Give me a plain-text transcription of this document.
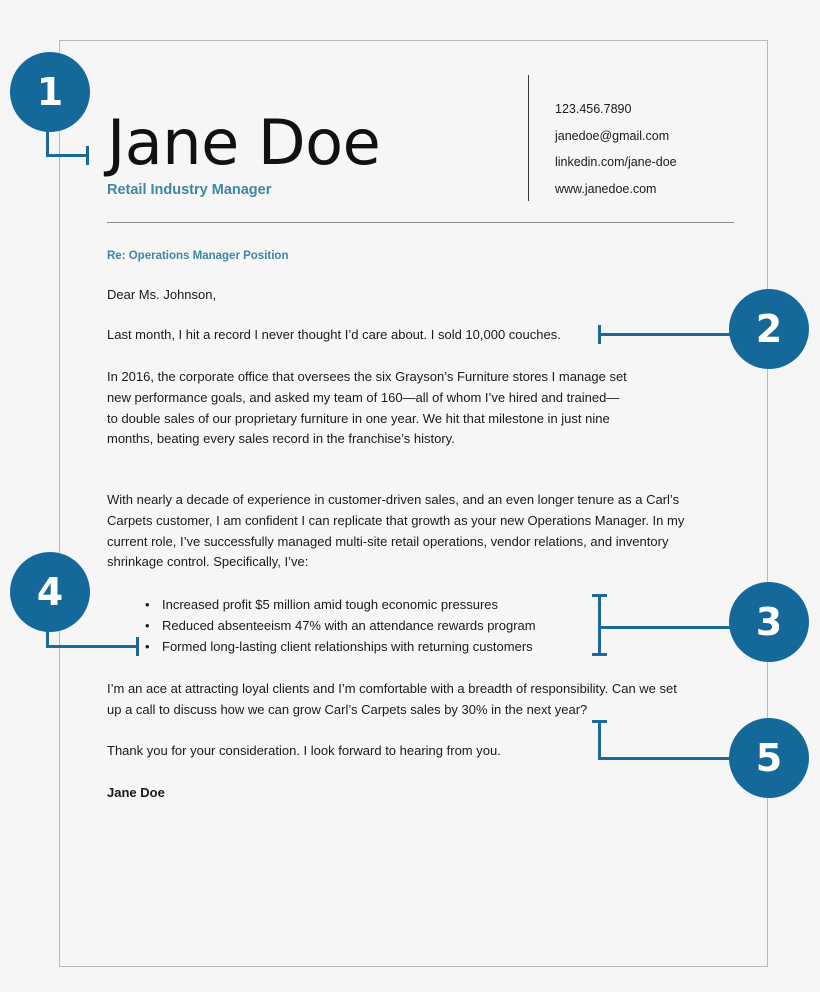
Jane Doe
Retail Industry Manager
123.456.7890
janedoe@gmail.com
linkedin.com/jane-doe
www.janedoe.com
Re: Operations Manager Position

Dear Ms. Johnson,

Last month, I hit a record I never thought I’d care about. I sold 10,000 couches.

In 2016, the corporate office that oversees the six Grayson’s Furniture stores I manage set new performance goals, and asked my team of 160—all of whom I’ve hired and trained—to double sales of our proprietary furniture in one year. We hit that milestone in just nine months, beating every sales record in the franchise’s history.

With nearly a decade of experience in customer-driven sales, and an even longer tenure as a Carl’s Carpets customer, I am confident I can replicate that growth as your new Operations Manager. In my current role, I’ve successfully managed multi-site retail operations, vendor relations, and inventory shrinkage control. Specifically, I’ve:

• Increased profit $5 million amid tough economic pressures
• Reduced absenteeism 47% with an attendance rewards program
• Formed long-lasting client relationships with returning customers

I’m an ace at attracting loyal clients and I’m comfortable with a breadth of responsibility. Can we set up a call to discuss how we can grow Carl’s Carpets sales by 30% in the next year?

Thank you for your consideration. I look forward to hearing from you.

Jane Doe
1
2
3
4
5
